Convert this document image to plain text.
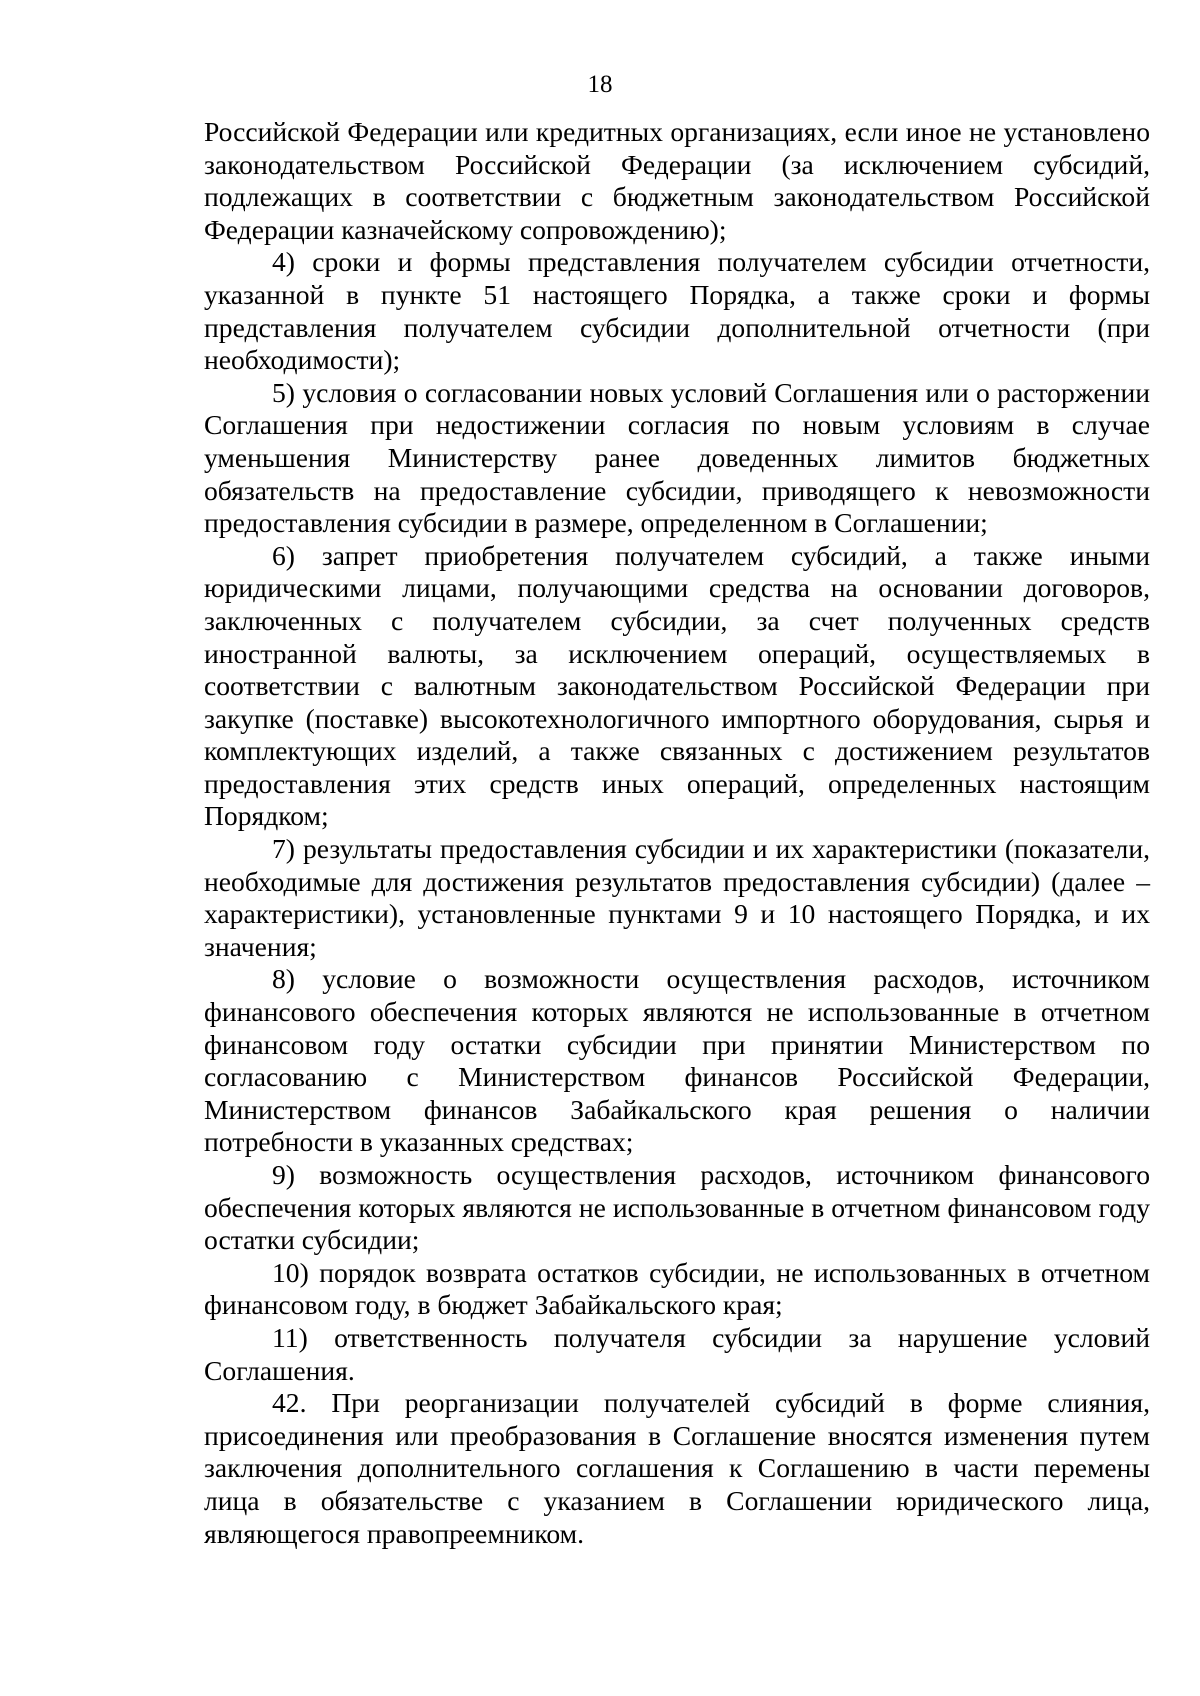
18

Российской Федерации или кредитных организациях, если иное не установлено законодательством Российской Федерации (за исключением субсидий, подлежащих в соответствии с бюджетным законодательством Российской Федерации казначейскому сопровождению);

4) сроки и формы представления получателем субсидии отчетности, указанной в пункте 51 настоящего Порядка, а также сроки и формы представления получателем субсидии дополнительной отчетности (при необходимости);

5) условия о согласовании новых условий Соглашения или о расторжении Соглашения при недостижении согласия по новым условиям в случае уменьшения Министерству ранее доведенных лимитов бюджетных обязательств на предоставление субсидии, приводящего к невозможности предоставления субсидии в размере, определенном в Соглашении;

6) запрет приобретения получателем субсидий, а также иными юридическими лицами, получающими средства на основании договоров, заключенных с получателем субсидии, за счет полученных средств иностранной валюты, за исключением операций, осуществляемых в соответствии с валютным законодательством Российской Федерации при закупке (поставке) высокотехнологичного импортного оборудования, сырья и комплектующих изделий, а также связанных с достижением результатов предоставления этих средств иных операций, определенных настоящим Порядком;

7) результаты предоставления субсидии и их характеристики (показатели, необходимые для достижения результатов предоставления субсидии) (далее – характеристики), установленные пунктами 9 и 10 настоящего Порядка, и их значения;

8) условие о возможности осуществления расходов, источником финансового обеспечения которых являются не использованные в отчетном финансовом году остатки субсидии при принятии Министерством по согласованию с Министерством финансов Российской Федерации, Министерством финансов Забайкальского края решения о наличии потребности в указанных средствах;

9) возможность осуществления расходов, источником финансового обеспечения которых являются не использованные в отчетном финансовом году остатки субсидии;

10) порядок возврата остатков субсидии, не использованных в отчетном финансовом году, в бюджет Забайкальского края;

11) ответственность получателя субсидии за нарушение условий Соглашения.

42. При реорганизации получателей субсидий в форме слияния, присоединения или преобразования в Соглашение вносятся изменения путем заключения дополнительного соглашения к Соглашению в части перемены лица в обязательстве с указанием в Соглашении юридического лица, являющегося правопреемником.
